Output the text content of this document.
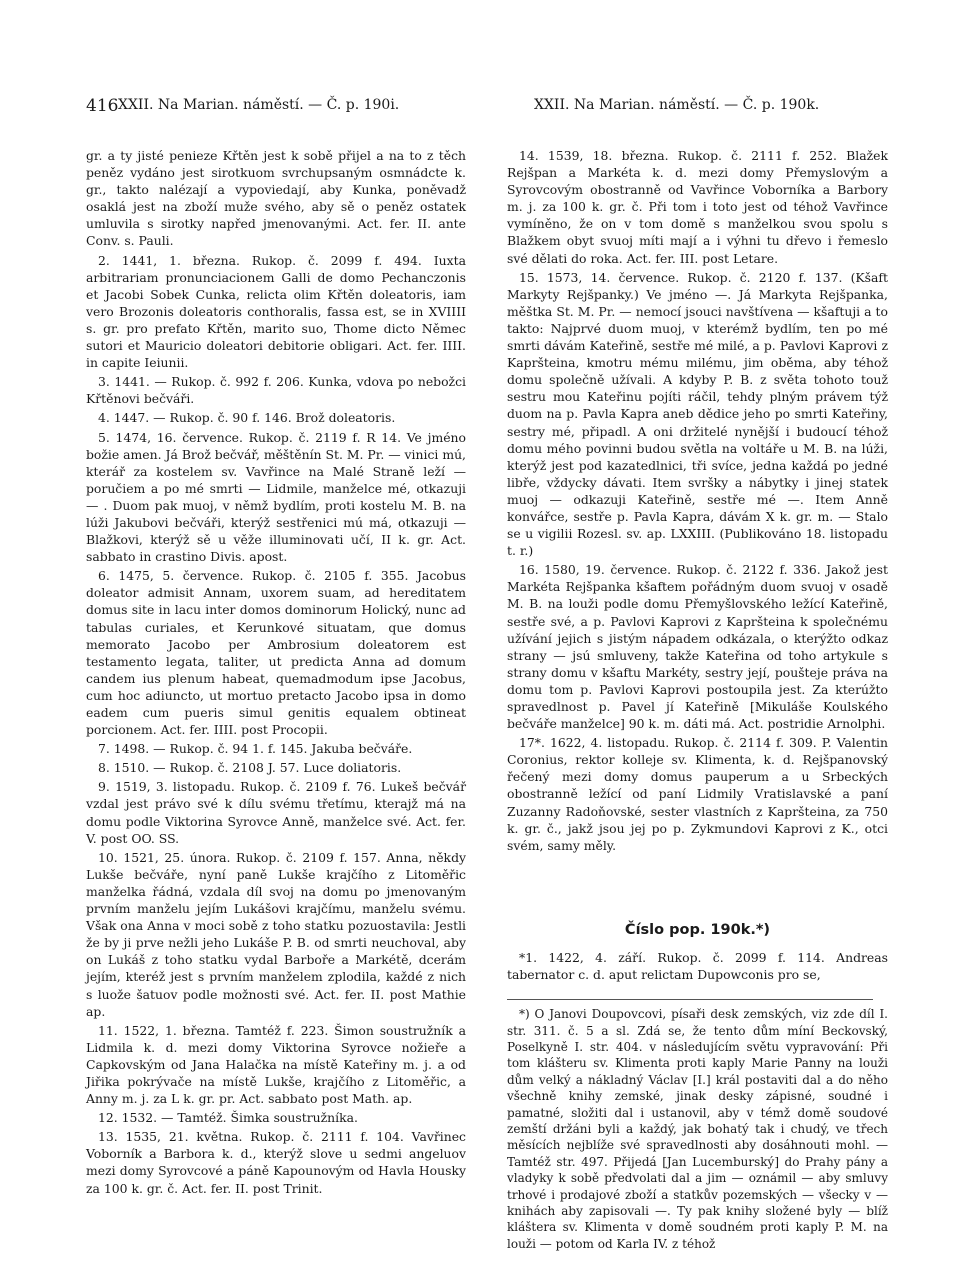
416 XXII. Na Marian. náměstí. — Č. p. 190i.	XXII. Na Marian. náměstí. — Č. p. 190k.

gr. a ty jisté penieze Křtěn jest k sobě přijel a na to z těch peněz vydáno jest sirotkuom svrchupsaným osmnádcte k. gr., takto nalézají a vypoviedají, aby Kunka, poněvadž osaklá jest na zboží muže svého, aby sě o peněz ostatek umluvila s sirotky napřed jmenovanými. Act. fer. II. ante Conv. s. Pauli.

2. 1441, 1. března. Rukop. č. 2099 f. 494. Iuxta arbitrariam pronunciacionem Galli de domo Pechanczonis et Jacobi Sobek Cunka, relicta olim Křtěn doleatoris, iam vero Brozonis doleatoris conthoralis, fassa est, se in XVIIII s. gr. pro prefato Křtěn, marito suo, Thome dicto Němec sutori et Mauricio doleatori debitorie obligari. Act. fer. IIII. in capite Ieiunii.

3. 1441. — Rukop. č. 992 f. 206. Kunka, vdova po nebožci Křtěnovi bečváři.

4. 1447. — Rukop. č. 90 f. 146. Brož doleatoris.

5. 1474, 16. července. Rukop. č. 2119 f. R 14. Ve jméno božie amen. Já Brož bečvář, měštěnín St. M. Pr. — vinici mú, kterář za kostelem sv. Vavřince na Malé Straně leží — poručiem a po mé smrti — Lidmile, manželce mé, otkazuji — . Duom pak muoj, v němž bydlím, proti kostelu M. B. na lúži Jakubovi bečváři, kterýž sestřenici mú má, otkazuji — Blažkovi, kterýž sě u věže illuminovati učí, II k. gr. Act. sabbato in crastino Divis. apost.

6. 1475, 5. července. Rukop. č. 2105 f. 355. Jacobus doleator admisit Annam, uxorem suam, ad hereditatem domus site in lacu inter domos dominorum Holický, nunc ad tabulas curiales, et Kerunkové situatam, que domus memorato Jacobo per Ambrosium doleatorem est testamento legata, taliter, ut predicta Anna ad domum candem ius plenum habeat, quemadmodum ipse Jacobus, cum hoc adiuncto, ut mortuo pretacto Jacobo ipsa in domo eadem cum pueris simul genitis equalem obtineat porcionem. Act. fer. IIII. post Procopii.

7. 1498. — Rukop. č. 94 1. f. 145. Jakuba bečváře.

8. 1510. — Rukop. č. 2108 J. 57. Luce doliatoris.

9. 1519, 3. listopadu. Rukop. č. 2109 f. 76. Lukeš bečvář vzdal jest právo své k dílu svému třetímu, kterajž má na domu podle Viktorina Syrovce Anně, manželce své. Act. fer. V. post OO. SS.

10. 1521, 25. února. Rukop. č. 2109 f. 157. Anna, někdy Lukše bečváře, nyní paně Lukše krajčího z Litoměřic manželka řádná, vzdala díl svoj na domu po jmenovaným prvním manželu jejím Lukášovi krajčímu, manželu svému. Však ona Anna v moci sobě z toho statku pozuostavila: Jestli že by ji prve nežli jeho Lukáše P. B. od smrti neuchoval, aby on Lukáš z toho statku vydal Barboře a Markétě, dcerám jejím, kteréž jest s prvním manželem zplodila, každé z nich s luože šatuov podle možnosti své. Act. fer. II. post Mathie ap.

11. 1522, 1. března. Tamtéž f. 223. Šimon soustružník a Lidmila k. d. mezi domy Viktorina Syrovce nožieře a Capkovským od Jana Halačka na místě Kateřiny m. j. a od Jiřika pokrývače na místě Lukše, krajčího z Litoměřic, a Anny m. j. za L k. gr. pr. Act. sabbato post Math. ap.

12. 1532. — Tamtéž. Šimka soustružníka.

13. 1535, 21. května. Rukop. č. 2111 f. 104. Vavřinec Voborník a Barbora k. d., kterýž slove u sedmi angeluov mezi domy Syrovcové a páně Kapounovým od Havla Housky za 100 k. gr. č. Act. fer. II. post Trinit.

14. 1539, 18. března. Rukop. č. 2111 f. 252. Blažek Rejšpan a Markéta k. d. mezi domy Přemyslovým a Syrovcovým obostranně od Vavřince Voborníka a Barbory m. j. za 100 k. gr. č. Při tom i toto jest od téhož Vavřince vymíněno, že on v tom domě s manželkou svou spolu s Blažkem obyt svuoj míti mají a i výhni tu dřevo i řemeslo své dělati do roka. Act. fer. III. post Letare.

15. 1573, 14. července. Rukop. č. 2120 f. 137. (Kšaft Markyty Rejšpanky.) Ve jméno —. Já Markyta Rejšpanka, měštka St. M. Pr. — nemocí jsouci navštívena — kšaftuji a to takto: Najprvé duom muoj, v kterémž bydlím, ten po mé smrti dávám Kateřině, sestře mé milé, a p. Pavlovi Kaprovi z Kapršteina, kmotru mému milému, jim oběma, aby téhož domu společně užívali. A kdyby P. B. z světa tohoto touž sestru mou Kateřinu pojíti ráčil, tehdy plným právem týž duom na p. Pavla Kapra aneb dědice jeho po smrti Kateřiny, sestry mé, připadl. A oni držitelé nynější i budoucí téhož domu mého povinni budou světla na voltáře u M. B. na lúži, kterýž jest pod kazatedlnici, tři svíce, jedna každá po jedné libře, vždycky dávati. Item svršky a nábytky i jinej statek muoj — odkazuji Kateřině, sestře mé —. Item Anně konvářce, sestře p. Pavla Kapra, dávám X k. gr. m. — Stalo se u vigilii Rozesl. sv. ap. LXXIII. (Publikováno 18. listopadu t. r.)

16. 1580, 19. července. Rukop. č. 2122 f. 336. Jakož jest Markéta Rejšpanka kšaftem pořádným duom svuoj v osadě M. B. na louži podle domu Přemyšlovského ležící Kateřině, sestře své, a p. Pavlovi Kaprovi z Kapršteina k společnému užívání jejich s jistým nápadem odkázala, o kterýžto odkaz strany — jsú smluveny, takže Kateřina od toho artykule s strany domu v kšaftu Markéty, sestry její, poušteje práva na domu tom p. Pavlovi Kaprovi postoupila jest. Za kterúžto spravedlnost p. Pavel jí Kateřině [Mikuláše Koulského bečváře manželce] 90 k. m. dáti má. Act. postridie Arnolphi.

17*. 1622, 4. listopadu. Rukop. č. 2114 f. 309. P. Valentin Coronius, rektor kolleje sv. Klimenta, k. d. Rejšpanovský řečený mezi domy domus pauperum a u Srbeckých obostranně ležící od paní Lidmily Vratislavské a paní Zuzanny Radoňovské, sester vlastních z Kapršteina, za 750 k. gr. č., jakž jsou jej po p. Zykmundovi Kaprovi z K., otci svém, samy měly.

Číslo pop. 190k.*)

*1. 1422, 4. září. Rukop. č. 2099 f. 114. Andreas tabernator c. d. aput relictam Dupowconis pro se,

*) O Janovi Doupovcovi, písaři desk zemských, viz zde díl I. str. 311. č. 5 a sl. Zdá se, že tento dům míní Beckovský, Poselkyně I. str. 404. v následujícím světu vypravování: Při tom klášteru sv. Klimenta proti kaply Marie Panny na louži dům velký a nákladný Václav [I.] král postaviti dal a do něho všechně knihy zemské, jinak desky zápisné, soudné i pamatné, složiti dal i ustanovil, aby v témž domě soudové zemští držáni byli a každý, jak bohatý tak i chudý, ve třech měsících nejblíže své spravedlnosti aby dosáhnouti mohl. — Tamtéž str. 497. Přijedá [Jan Lucemburský] do Prahy pány a vladyky k sobě předvolati dal a jim — oznámil — aby smluvy trhové i prodajové zboží a statkův pozemských — všecky v — knihách aby zapisovali —. Ty pak knihy složené byly — blíž kláštera sv. Klimenta v domě soudném proti kaply P. M. na louži — potom od Karla IV. z téhož
